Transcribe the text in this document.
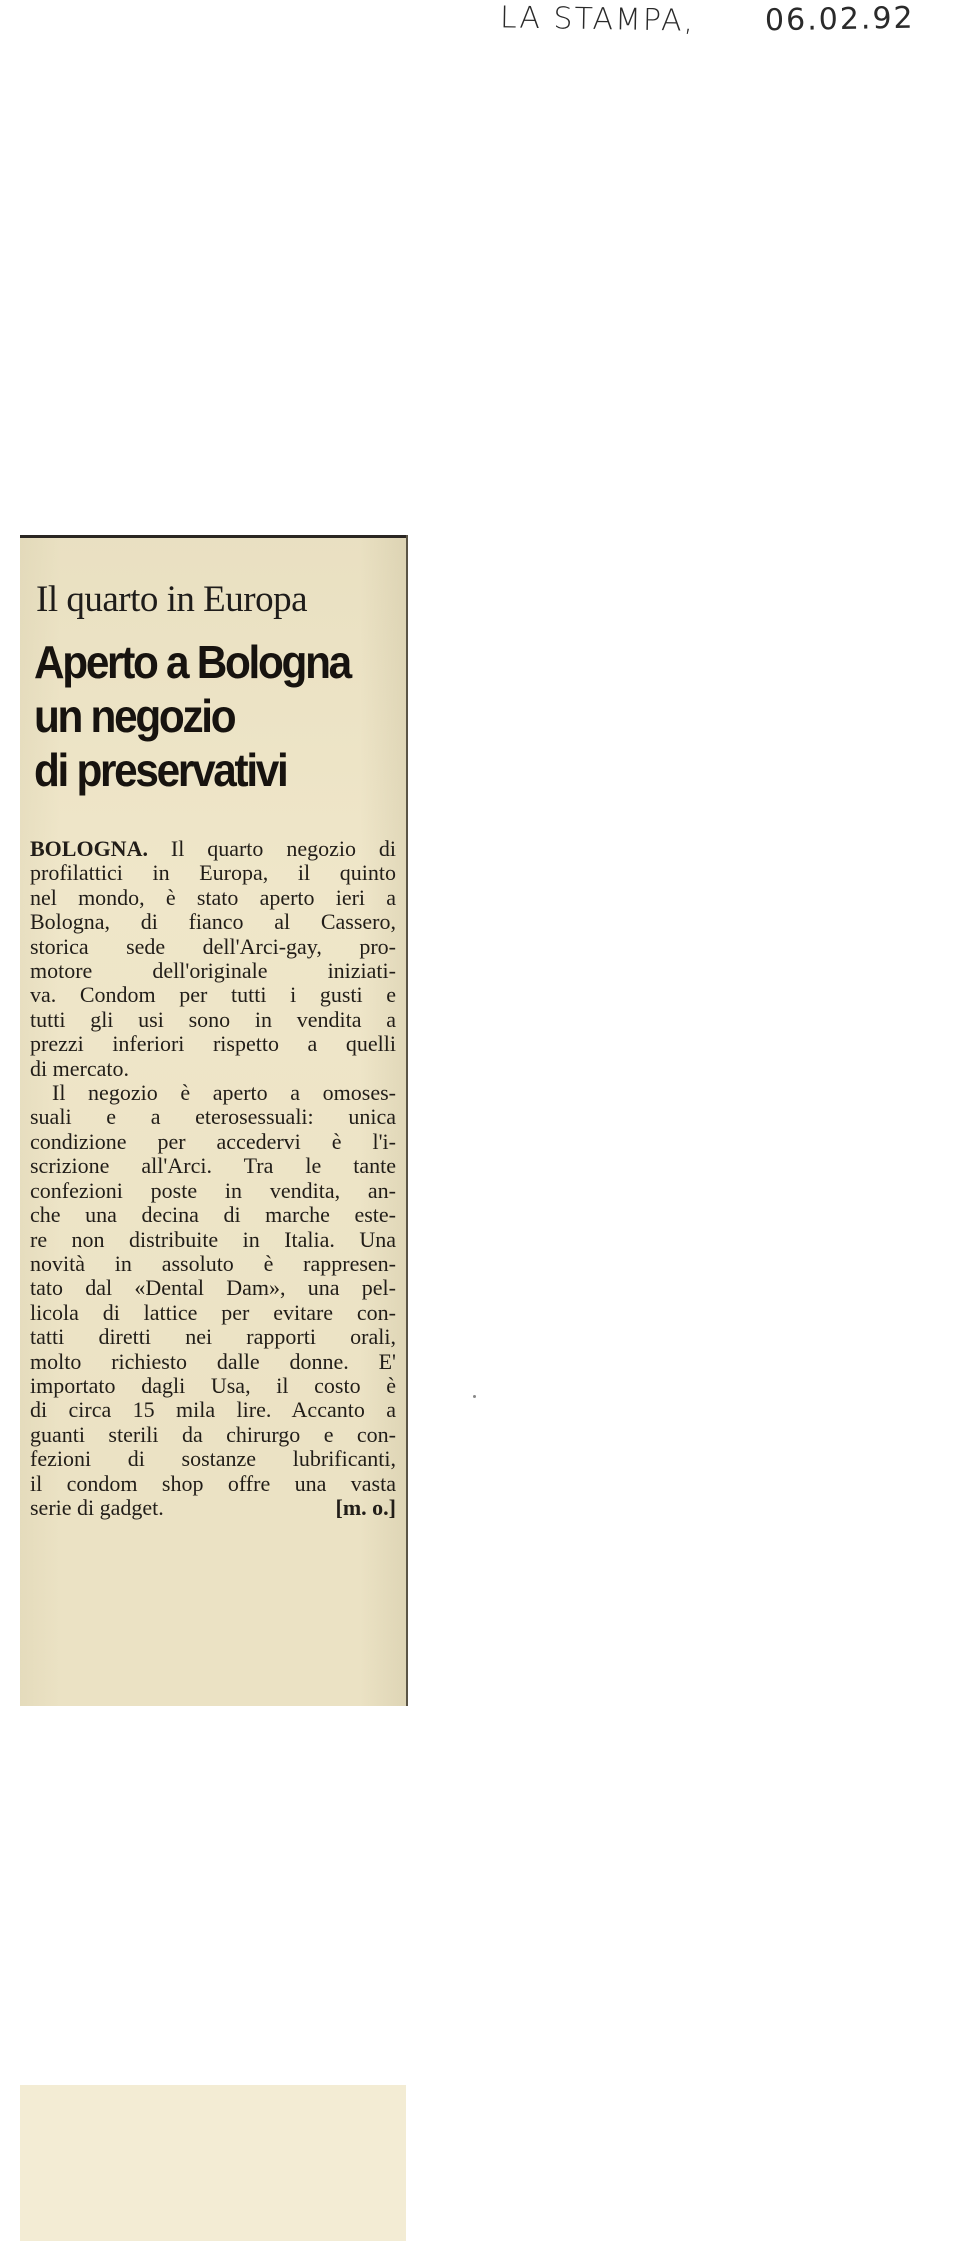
LA STAMPA, 06.02.92
Il quarto in Europa
Aperto a Bologna
un negozio
di preservativi
BOLOGNA. Il quarto negozio di
profilattici in Europa, il quinto
nel mondo, è stato aperto ieri a
Bologna, di fianco al Cassero,
storica sede dell'Arci-gay, pro-
motore dell'originale iniziati-
va. Condom per tutti i gusti e
tutti gli usi sono in vendita a
prezzi inferiori rispetto a quelli
di mercato.
Il negozio è aperto a omoses-
suali e a eterosessuali: unica
condizione per accedervi è l'i-
scrizione all'Arci. Tra le tante
confezioni poste in vendita, an-
che una decina di marche este-
re non distribuite in Italia. Una
novità in assoluto è rappresen-
tato dal «Dental Dam», una pel-
licola di lattice per evitare con-
tatti diretti nei rapporti orali,
molto richiesto dalle donne. E'
importato dagli Usa, il costo è
di circa 15 mila lire. Accanto a
guanti sterili da chirurgo e con-
fezioni di sostanze lubrificanti,
il condom shop offre una vasta
serie di gadget.	[m. o.]
